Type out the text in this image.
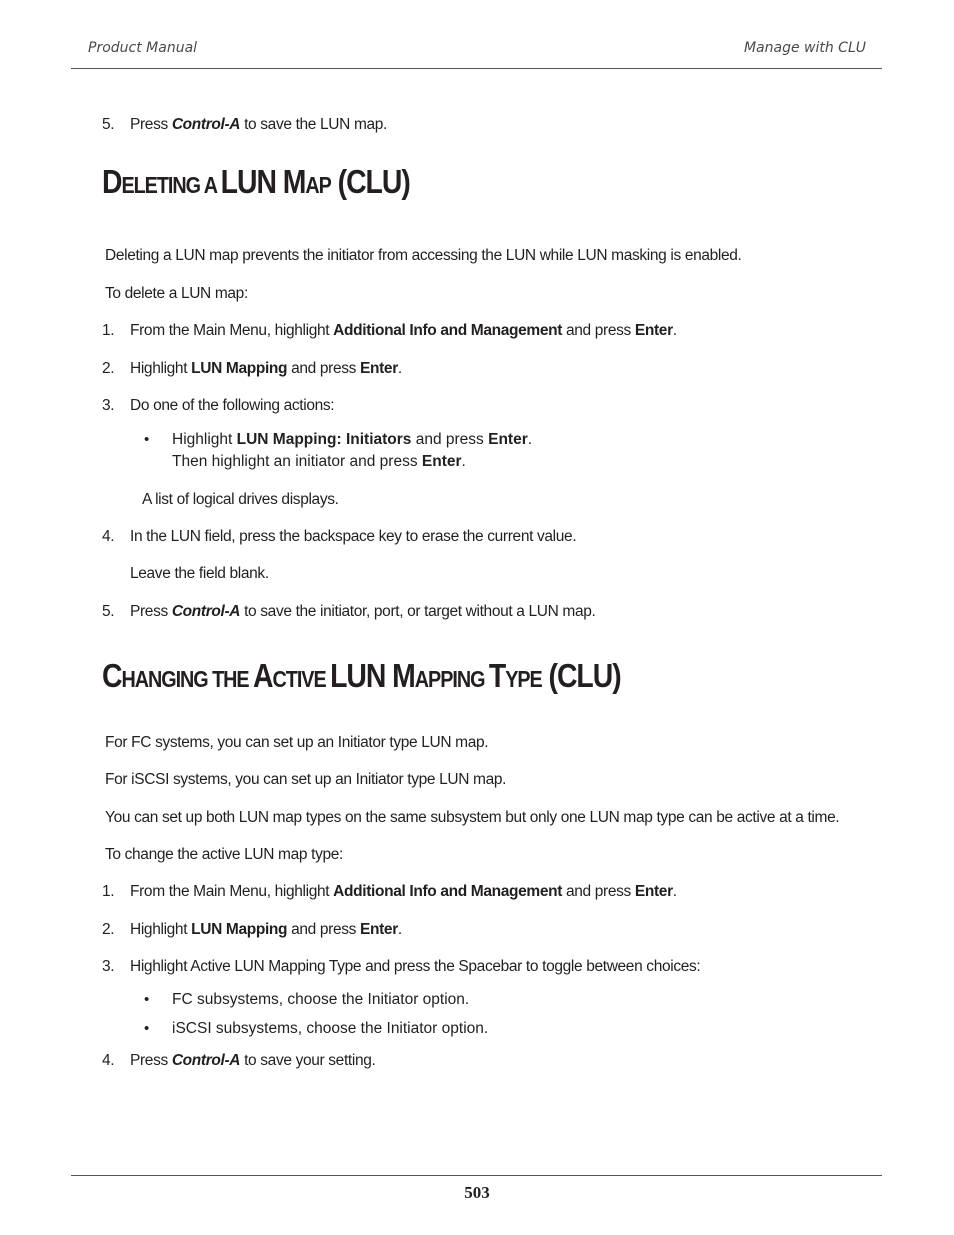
Product Manual	Manage with CLU
5. Press Control-A to save the LUN map.
DELETING A LUN MAP (CLU)
Deleting a LUN map prevents the initiator from accessing the LUN while LUN masking is enabled.
To delete a LUN map:
1. From the Main Menu, highlight Additional Info and Management and press Enter.
2. Highlight LUN Mapping and press Enter.
3. Do one of the following actions:
• Highlight LUN Mapping: Initiators and press Enter.
Then highlight an initiator and press Enter.
A list of logical drives displays.
4. In the LUN field, press the backspace key to erase the current value.
Leave the field blank.
5. Press Control-A to save the initiator, port, or target without a LUN map.
CHANGING THE ACTIVE LUN MAPPING TYPE (CLU)
For FC systems, you can set up an Initiator type LUN map.
For iSCSI systems, you can set up an Initiator type LUN map.
You can set up both LUN map types on the same subsystem but only one LUN map type can be active at a time.
To change the active LUN map type:
1. From the Main Menu, highlight Additional Info and Management and press Enter.
2. Highlight LUN Mapping and press Enter.
3. Highlight Active LUN Mapping Type and press the Spacebar to toggle between choices:
• FC subsystems, choose the Initiator option.
• iSCSI subsystems, choose the Initiator option.
4. Press Control-A to save your setting.
503
